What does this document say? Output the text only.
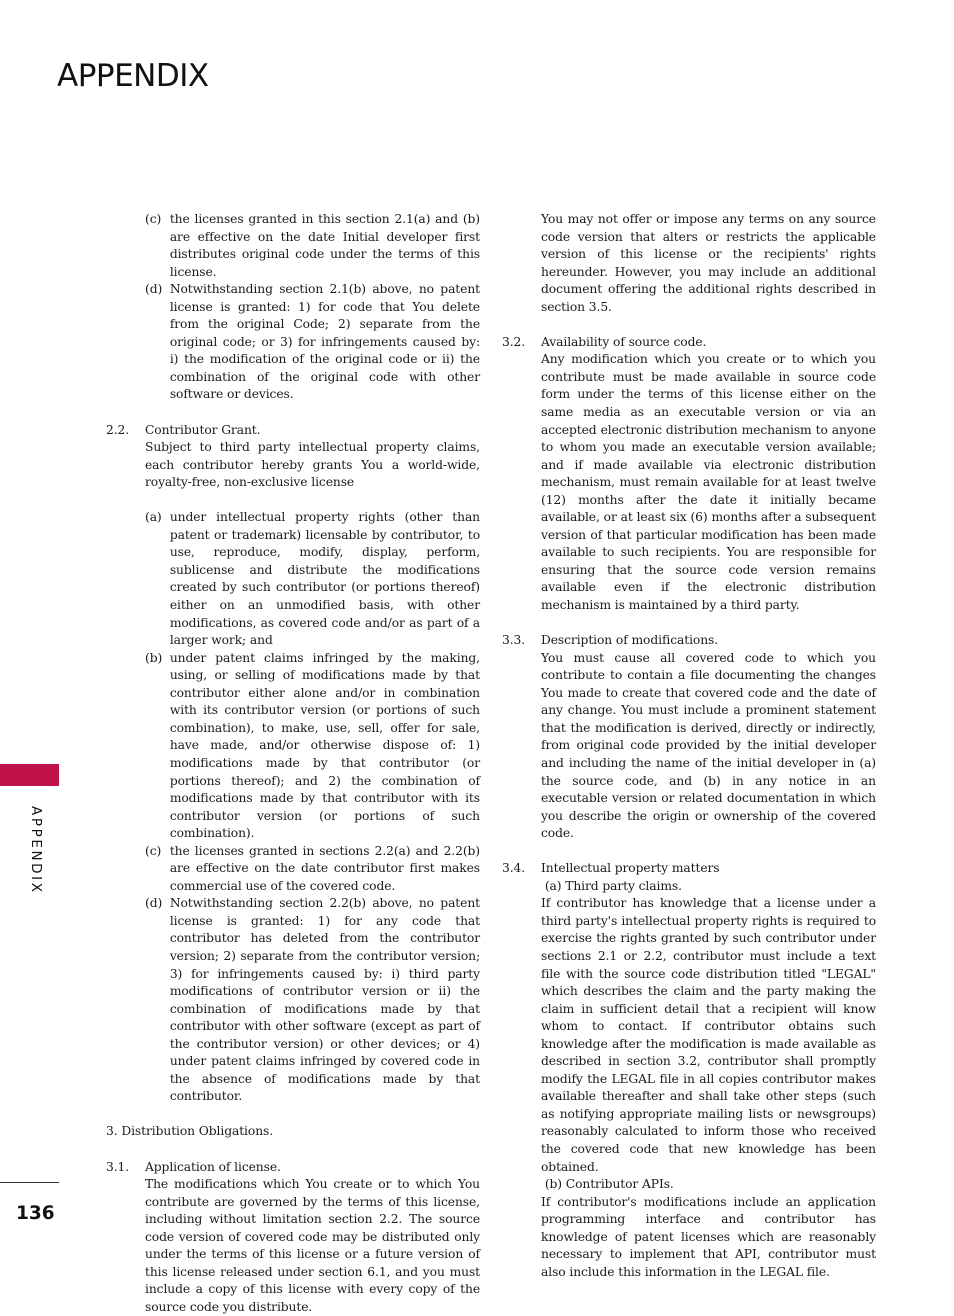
APPENDIX
APPENDIX
136
(c)
the licenses granted in this section 2.1(a) and (b) are effective on the date Initial developer first distributes original code under the terms of this license.
(d)
Notwithstanding section 2.1(b) above, no patent license is granted: 1) for code that You delete from the original Code; 2) separate from the original code; or 3) for infringements caused by: i) the modification of the original code or ii) the combination of the original code with other software or devices.
2.2.	Contributor Grant.

Subject to third party intellectual property claims, each contributor hereby grants You a world-wide, royalty-free, non-exclusive license

(a)
under intellectual property rights (other than patent or trademark) licensable by contributor, to use, reproduce, modify, display, perform, sublicense and distribute the modifications created by such contributor (or portions thereof) either on an unmodified basis, with other modifications, as covered code and/or as part of a larger work; and
(b)
under patent claims infringed by the making, using, or selling of modifications made by that contributor either alone and/or in combination with its contributor version (or portions of such combination), to make, use, sell, offer for sale, have made, and/or otherwise dispose of: 1) modifications made by that contributor (or portions thereof); and 2) the combination of modifications made by that contributor with its contributor version (or portions of such combination).
(c)
the licenses granted in sections 2.2(a) and 2.2(b) are effective on the date contributor first makes commercial use of the covered code.
(d)
Notwithstanding section 2.2(b) above, no patent license is granted: 1) for any code that contributor has deleted from the contributor version; 2) separate from the contributor version; 3) for infringements caused by: i) third party modifications of contributor version or ii) the combination of modifications made by that contributor with other software (except as part of the contributor version) or other devices; or 4) under patent claims infringed by covered code in the absence of modifications made by that contributor.

3. Distribution Obligations.

3.1.	Application of license.

The modifications which You create or to which You contribute are governed by the terms of this license, including without limitation section 2.2. The source code version of covered code may be distributed only under the terms of this license or a future version of this license released under section 6.1, and you must include a copy of this license with every copy of the source code you distribute.

You may not offer or impose any terms on any source code version that alters or restricts the applicable version of this license or the recipients' rights hereunder. However, you may include an additional document offering the additional rights described in section 3.5.

3.2.	Availability of source code.

Any modification which you create or to which you contribute must be made available in source code form under the terms of this license either on the same media as an executable version or via an accepted electronic distribution mechanism to anyone to whom you made an executable version available; and if made available via electronic distribution mechanism, must remain available for at least twelve (12) months after the date it initially became available, or at least six (6) months after a subsequent version of that particular modification has been made available to such recipients. You are responsible for ensuring that the source code version remains available even if the electronic distribution mechanism is maintained by a third party.

3.3.	Description of modifications.

You must cause all covered code to which you contribute to contain a file documenting the changes You made to create that covered code and the date of any change. You must include a prominent statement that the modification is derived, directly or indirectly, from original code provided by the initial developer and including the name of the initial developer in (a) the source code, and (b) in any notice in an executable version or related documentation in which you describe the origin or ownership of the covered code.

3.4.	Intellectual property matters

(a) Third party claims.

If contributor has knowledge that a license under a third party's intellectual property rights is required to exercise the rights granted by such contributor under sections 2.1 or 2.2, contributor must include a text file with the source code distribution titled "LEGAL" which describes the claim and the party making the claim in sufficient detail that a recipient will know whom to contact. If contributor obtains such knowledge after the modification is made available as described in section 3.2, contributor shall promptly modify the LEGAL file in all copies contributor makes available thereafter and shall take other steps (such as notifying appropriate mailing lists or newsgroups) reasonably calculated to inform those who received the covered code that new knowledge has been obtained.

(b) Contributor APIs.

If contributor's modifications include an application programming interface and contributor has knowledge of patent licenses which are reasonably necessary to implement that API, contributor must also include this information in the LEGAL file.
